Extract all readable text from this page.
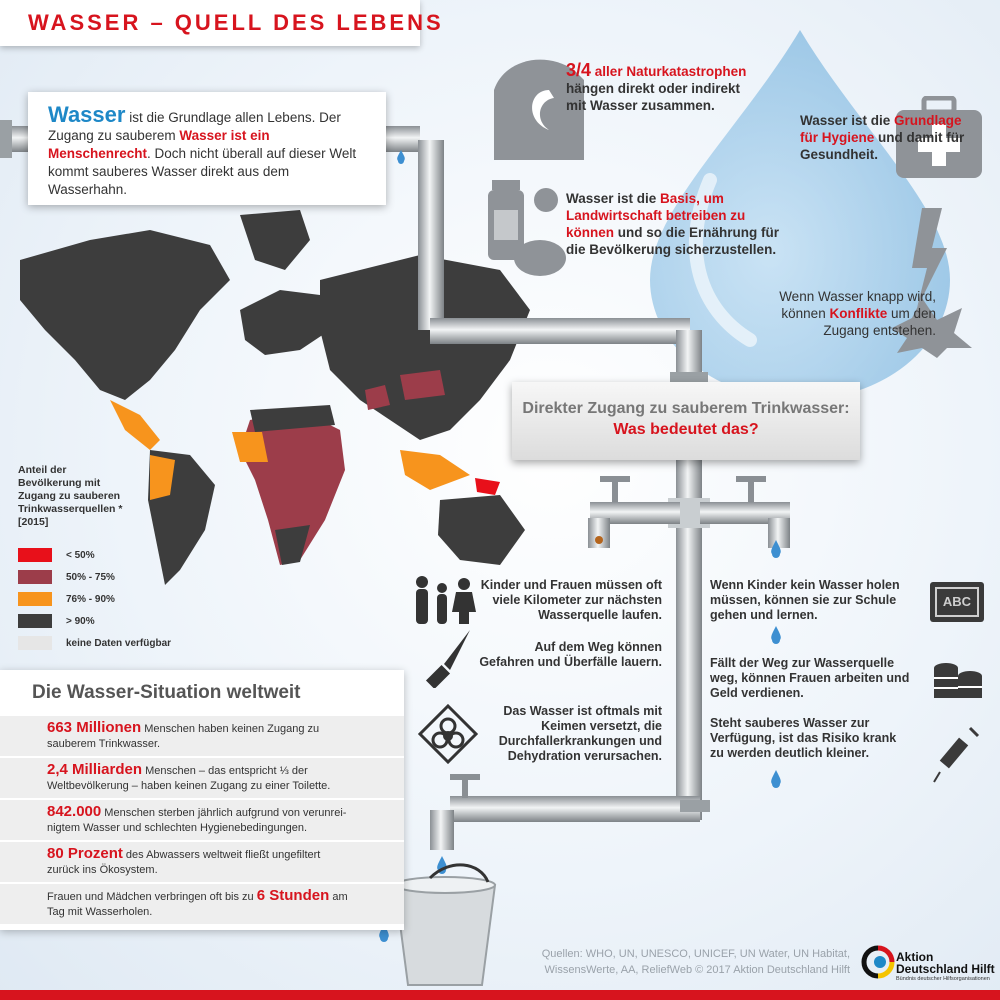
WASSER – QUELL DES LEBENS
Wasser ist die Grundlage allen Lebens. Der Zugang zu sauberem Wasser ist ein Menschenrecht. Doch nicht überall auf dieser Welt kommt sauberes Wasser direkt aus dem Wasserhahn.
3/4 aller Naturkatastrophen
hängen direkt oder indirekt
mit Wasser zusammen.
Wasser ist die Grundlage
für Hygiene und damit für
Gesundheit.
Wasser ist die Basis, um
Landwirtschaft betreiben zu
können und so die Ernährung für
die Bevölkerung sicherzustellen.
Wenn Wasser knapp wird,
können Konflikte um den
Zugang entstehen.
Direkter Zugang zu sauberem Trinkwasser:
Was bedeutet das?
Anteil der
Bevölkerung mit
Zugang zu sauberen
Trinkwasserquellen *
[2015]
< 50%
50% - 75%
76% - 90%
> 90%
keine Daten verfügbar
Die Wasser-Situation weltweit
663 Millionen Menschen haben keinen Zugang zu
sauberem Trinkwasser.
2,4 Milliarden Menschen – das entspricht ⅓ der
Weltbevölkerung – haben keinen Zugang zu einer Toilette.
842.000 Menschen sterben jährlich aufgrund von verunrei-
nigtem Wasser und schlechten Hygienebedingungen.
80 Prozent des Abwassers weltweit fließt ungefiltert
zurück ins Ökosystem.
Frauen und Mädchen verbringen oft bis zu 6 Stunden am
Tag mit Wasserholen.
Kinder und Frauen müssen oft
viele Kilometer zur nächsten
Wasserquelle laufen.
Auf dem Weg können
Gefahren und Überfälle lauern.
Das Wasser ist oftmals mit
Keimen versetzt, die
Durchfallerkrankungen und
Dehydration verursachen.
Wenn Kinder kein Wasser holen
müssen, können sie zur Schule
gehen und lernen.
Fällt der Weg zur Wasserquelle
weg, können Frauen arbeiten und
Geld verdienen.
Steht sauberes Wasser zur
Verfügung, ist das Risiko krank
zu werden deutlich kleiner.
ABC
Quellen: WHO, UN, UNESCO, UNICEF, UN Water, UN Habitat,
WissensWerte, AA, ReliefWeb © 2017 Aktion Deutschland Hilft
Aktion
Deutschland Hilft
Bündnis deutscher Hilfsorganisationen
